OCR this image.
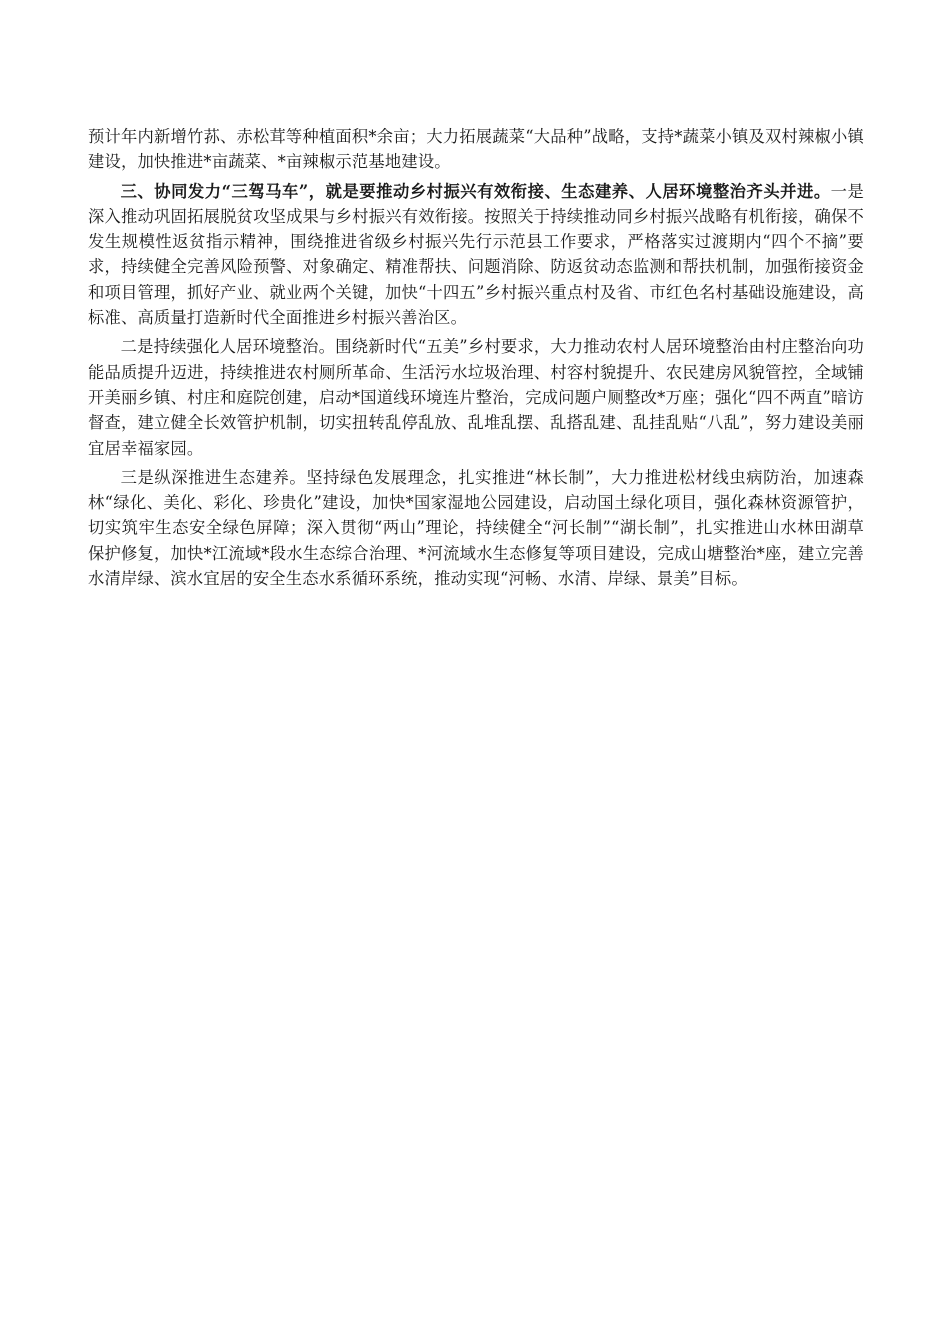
预计年内新增竹荪、赤松茸等种植面积*余亩；大力拓展蔬菜“大品种”战略，支持*蔬菜小镇及双村辣椒小镇建设，加快推进*亩蔬菜、*亩辣椒示范基地建设。

三、协同发力“三驾马车”，就是要推动乡村振兴有效衔接、生态建养、人居环境整治齐头并进。一是深入推动巩固拓展脱贫攻坚成果与乡村振兴有效衔接。按照关于持续推动同乡村振兴战略有机衔接，确保不发生规模性返贫指示精神，围绕推进省级乡村振兴先行示范县工作要求，严格落实过渡期内“四个不摘”要求，持续健全完善风险预警、对象确定、精准帮扶、问题消除、防返贫动态监测和帮扶机制，加强衔接资金和项目管理，抓好产业、就业两个关键，加快“十四五”乡村振兴重点村及省、市红色名村基础设施建设，高标准、高质量打造新时代全面推进乡村振兴善治区。

二是持续强化人居环境整治。围绕新时代“五美”乡村要求，大力推动农村人居环境整治由村庄整治向功能品质提升迈进，持续推进农村厕所革命、生活污水垃圾治理、村容村貌提升、农民建房风貌管控，全域铺开美丽乡镇、村庄和庭院创建，启动*国道线环境连片整治，完成问题户厕整改*万座；强化“四不两直”暗访督查，建立健全长效管护机制，切实扭转乱停乱放、乱堆乱摆、乱搭乱建、乱挂乱贴“八乱”，努力建设美丽宜居幸福家园。

三是纵深推进生态建养。坚持绿色发展理念，扎实推进“林长制”，大力推进松材线虫病防治，加速森林“绿化、美化、彩化、珍贵化”建设，加快*国家湿地公园建设，启动国土绿化项目，强化森林资源管护，切实筑牢生态安全绿色屏障；深入贯彻“两山”理论，持续健全“河长制”“湖长制”，扎实推进山水林田湖草保护修复，加快*江流域*段水生态综合治理、*河流域水生态修复等项目建设，完成山塘整治*座，建立完善水清岸绿、滨水宜居的安全生态水系循环系统，推动实现“河畅、水清、岸绿、景美”目标。
